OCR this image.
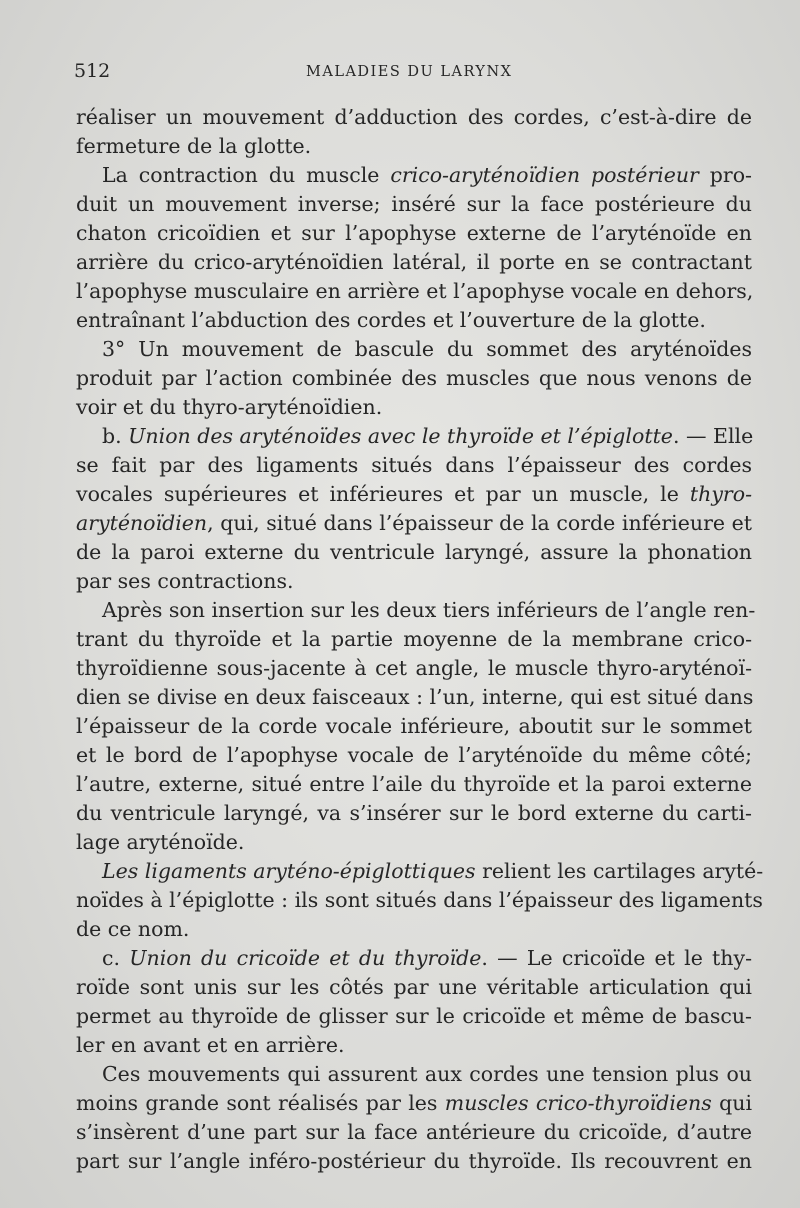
512	MALADIES DU LARYNX
réaliser un mouvement d’adduction des cordes, c’est-à-dire de
fermeture de la glotte.
La contraction du muscle crico-aryténoïdien postérieur pro-
duit un mouvement inverse; inséré sur la face postérieure du
chaton cricoïdien et sur l’apophyse externe de l’aryténoïde en
arrière du crico-aryténoïdien latéral, il porte en se contractant
l’apophyse musculaire en arrière et l’apophyse vocale en dehors,
entraînant l’abduction des cordes et l’ouverture de la glotte.
3° Un mouvement de bascule du sommet des aryténoïdes
produit par l’action combinée des muscles que nous venons de
voir et du thyro-aryténoïdien.
b. Union des aryténoïdes avec le thyroïde et l’épiglotte. — Elle
se fait par des ligaments situés dans l’épaisseur des cordes
vocales supérieures et inférieures et par un muscle, le thyro-
aryténoïdien, qui, situé dans l’épaisseur de la corde inférieure et
de la paroi externe du ventricule laryngé, assure la phonation
par ses contractions.
Après son insertion sur les deux tiers inférieurs de l’angle ren-
trant du thyroïde et la partie moyenne de la membrane crico-
thyroïdienne sous-jacente à cet angle, le muscle thyro-aryténoï-
dien se divise en deux faisceaux : l’un, interne, qui est situé dans
l’épaisseur de la corde vocale inférieure, aboutit sur le sommet
et le bord de l’apophyse vocale de l’aryténoïde du même côté;
l’autre, externe, situé entre l’aile du thyroïde et la paroi externe
du ventricule laryngé, va s’insérer sur le bord externe du carti-
lage aryténoïde.
Les ligaments aryténo-épiglottiques relient les cartilages aryté-
noïdes à l’épiglotte : ils sont situés dans l’épaisseur des ligaments
de ce nom.
c. Union du cricoïde et du thyroïde. — Le cricoïde et le thy-
roïde sont unis sur les côtés par une véritable articulation qui
permet au thyroïde de glisser sur le cricoïde et même de bascu-
ler en avant et en arrière.
Ces mouvements qui assurent aux cordes une tension plus ou
moins grande sont réalisés par les muscles crico-thyroïdiens qui
s’insèrent d’une part sur la face antérieure du cricoïde, d’autre
part sur l’angle inféro-postérieur du thyroïde. Ils recouvrent en
